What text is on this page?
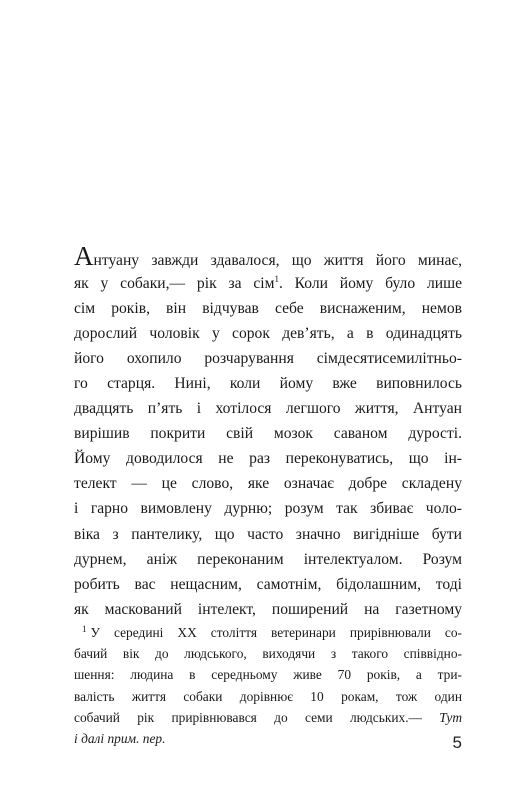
Антуану завжди здавалося, що життя його минає,
як у собаки,— рік за сім$^1$. Коли йому було лише
сім років, він відчував себе виснаженим, немов
дорослий чоловік у сорок дев’ять, а в одинадцять
його охопило розчарування сімдесятисемилітньо-
го старця. Нині, коли йому вже виповнилось
двадцять п’ять і хотілося легшого життя, Антуан
вирішив покрити свій мозок саваном дурості.
Йому доводилося не раз переконуватись, що ін-
телект — це слово, яке означає добре складену
і гарно вимовлену дурню; розум так збиває чоло-
віка з пантелику, що часто значно вигідніше бути
дурнем, аніж переконаним інтелектуалом. Розум
робить вас нещасним, самотнім, бідолашним, тоді
як маскований інтелект, поширений на газетному
$^1$ У середині ХХ століття ветеринари прирівнювали со-
бачий вік до людського, виходячи з такого співвідно-
шення: людина в середньому живе 70 років, а три-
валість життя собаки дорівнює 10 рокам, тож один
собачий рік прирівнювався до семи людських.— Тут
і далі прим. пер.	5
